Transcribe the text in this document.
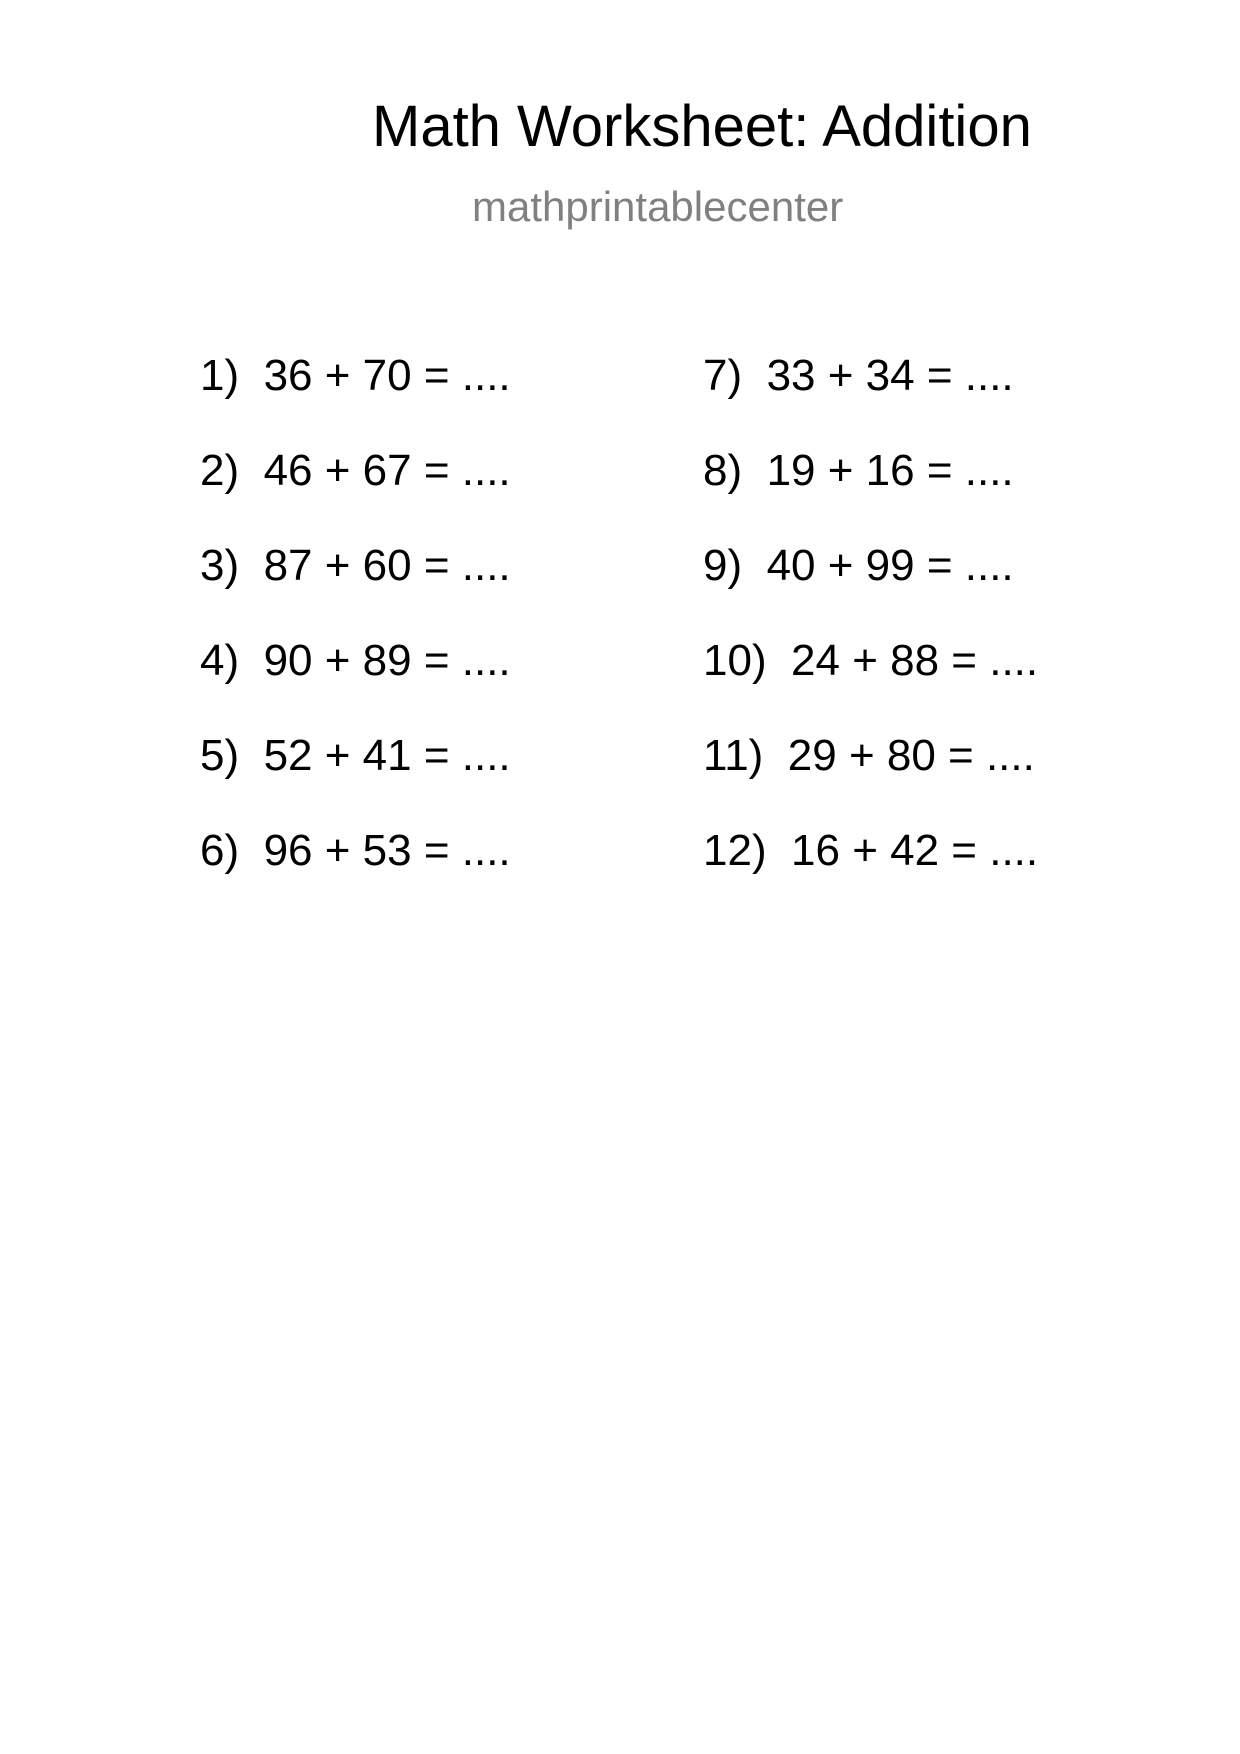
Math Worksheet: Addition
mathprintablecenter
1)  36 + 70 = ....
2)  46 + 67 = ....
3)  87 + 60 = ....
4)  90 + 89 = ....
5)  52 + 41 = ....
6)  96 + 53 = ....
7)  33 + 34 = ....
8)  19 + 16 = ....
9)  40 + 99 = ....
10)  24 + 88 = ....
11)  29 + 80 = ....
12)  16 + 42 = ....
